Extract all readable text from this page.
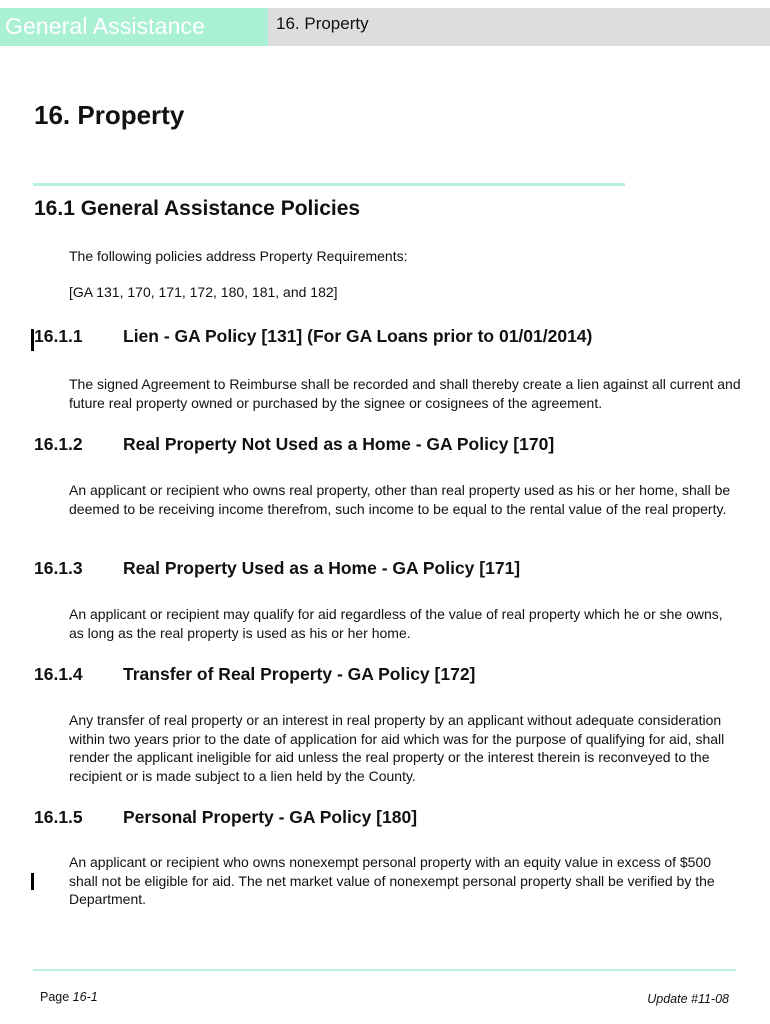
General Assistance	16. Property
16. Property
16.1 General Assistance Policies

The following policies address Property Requirements:

[GA 131, 170, 171, 172, 180, 181, and 182]

16.1.1 Lien - GA Policy [131] (For GA Loans prior to 01/01/2014)

The signed Agreement to Reimburse shall be recorded and shall thereby create a lien against all current and future real property owned or purchased by the signee or cosignees of the agreement.

16.1.2 Real Property Not Used as a Home - GA Policy [170]

An applicant or recipient who owns real property, other than real property used as his or her home, shall be deemed to be receiving income therefrom, such income to be equal to the rental value of the real property.

16.1.3 Real Property Used as a Home - GA Policy [171]

An applicant or recipient may qualify for aid regardless of the value of real property which he or she owns, as long as the real property is used as his or her home.

16.1.4 Transfer of Real Property - GA Policy [172]

Any transfer of real property or an interest in real property by an applicant without adequate consideration within two years prior to the date of application for aid which was for the purpose of qualifying for aid, shall render the applicant ineligible for aid unless the real property or the interest therein is reconveyed to the recipient or is made subject to a lien held by the County.

16.1.5 Personal Property - GA Policy [180]

An applicant or recipient who owns nonexempt personal property with an equity value in excess of $500 shall not be eligible for aid. The net market value of nonexempt personal property shall be verified by the Department.

Page 16-1	Update #11-08
